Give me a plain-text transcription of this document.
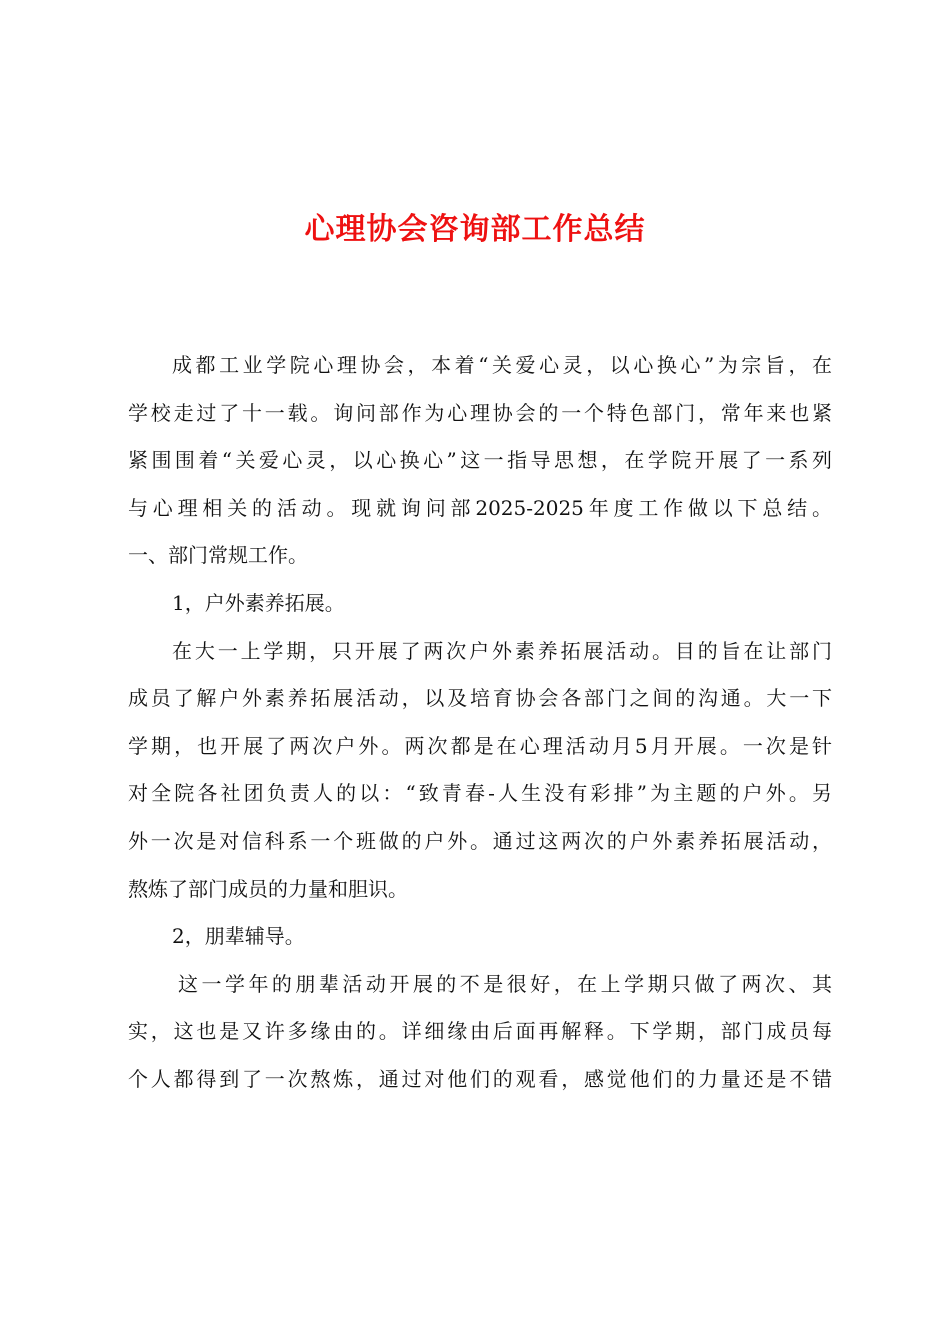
心理协会咨询部工作总结
成都工业学院心理协会，本着“关爱心灵，以心换心”为宗旨，在
学校走过了十一载。询问部作为心理协会的一个特色部门，常年来也紧
紧围围着“关爱心灵，以心换心”这一指导思想，在学院开展了一系列
与心理相关的活动。现就询问部2025-2025年度工作做以下总结。
一、部门常规工作。
1，户外素养拓展。
在大一上学期，只开展了两次户外素养拓展活动。目的旨在让部门
成员了解户外素养拓展活动，以及培育协会各部门之间的沟通。大一下
学期，也开展了两次户外。两次都是在心理活动月5月开展。一次是针
对全院各社团负责人的以：“致青春-人生没有彩排”为主题的户外。另
外一次是对信科系一个班做的户外。通过这两次的户外素养拓展活动，
熬炼了部门成员的力量和胆识。
2，朋辈辅导。
这一学年的朋辈活动开展的不是很好，在上学期只做了两次、其
实，这也是又许多缘由的。详细缘由后面再解释。下学期，部门成员每
个人都得到了一次熬炼，通过对他们的观看，感觉他们的力量还是不错
